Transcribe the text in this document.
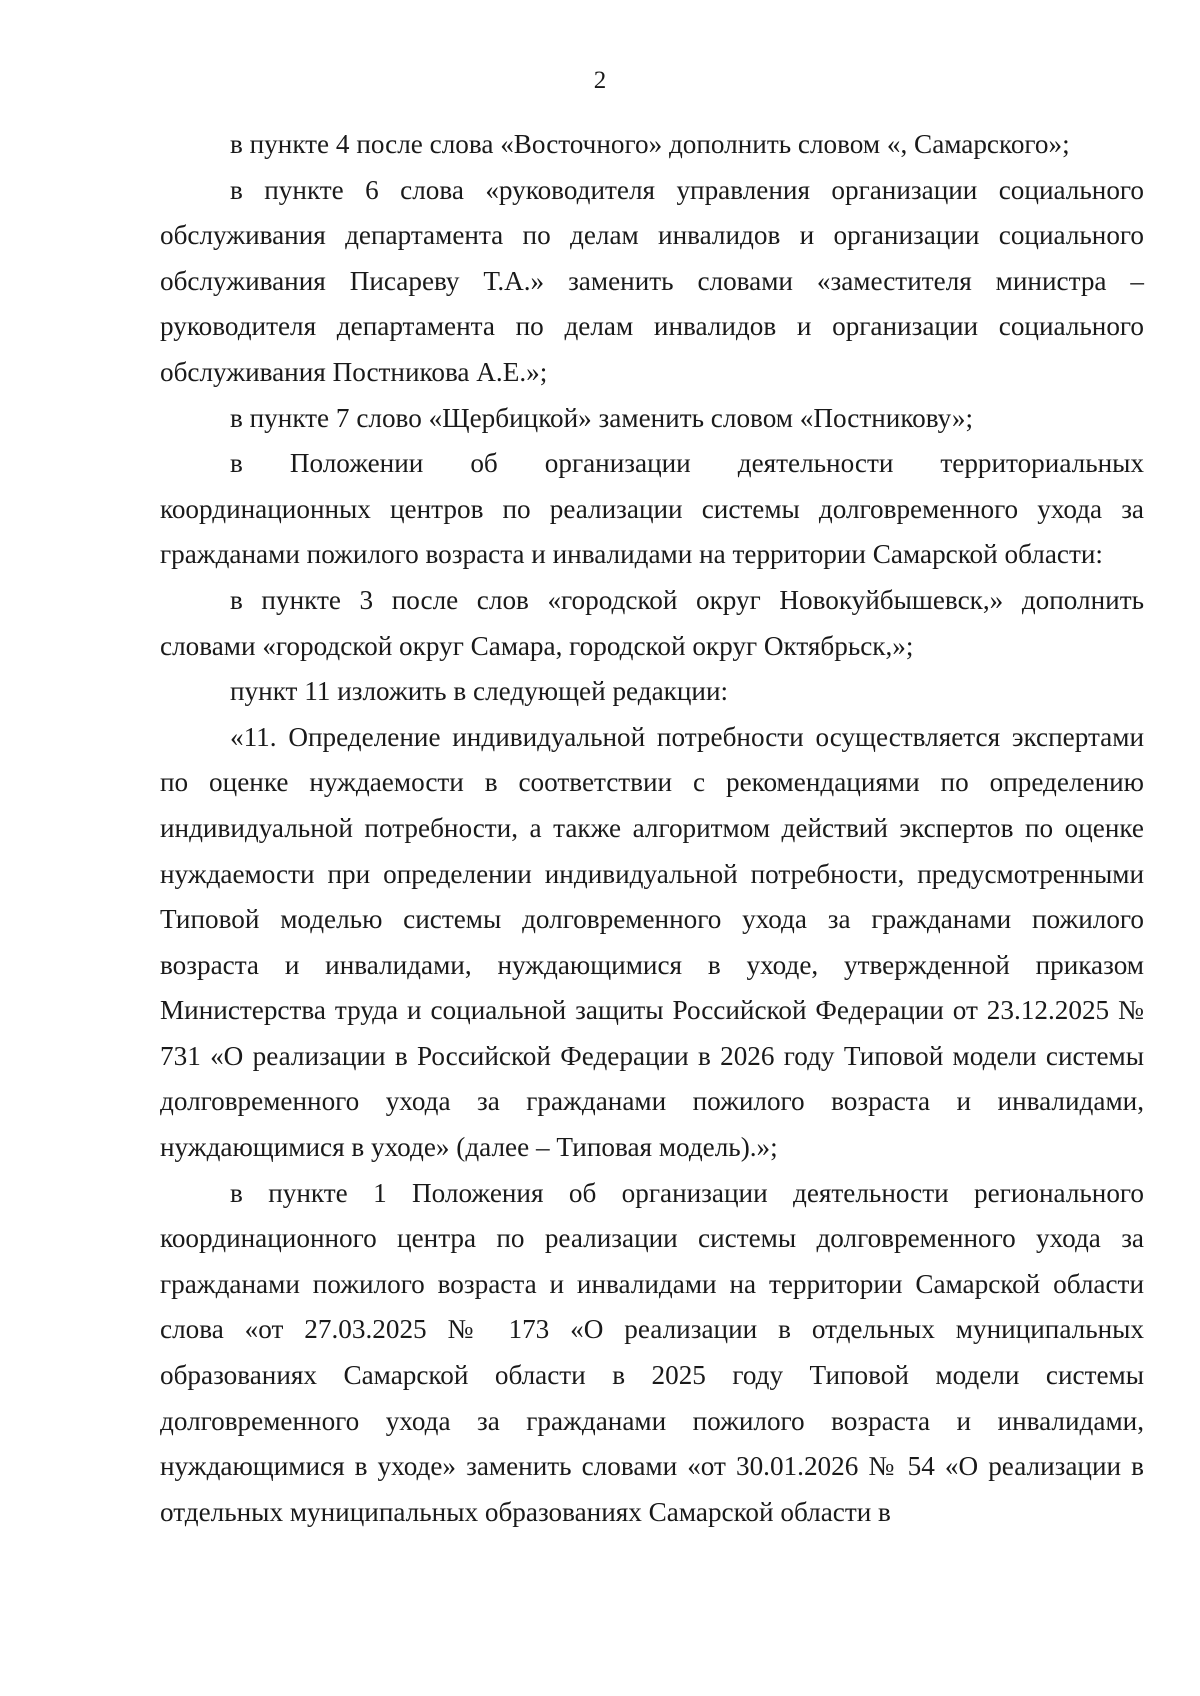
2

в пункте 4 после слова «Восточного» дополнить словом «, Самарского»;

в пункте 6 слова «руководителя управления организации социального обслуживания департамента по делам инвалидов и организации социального обслуживания Писареву Т.А.» заменить словами «заместителя министра – руководителя департамента по делам инвалидов и организации социального обслуживания Постникова А.Е.»;

в пункте 7 слово «Щербицкой» заменить словом «Постникову»;

в Положении об организации деятельности территориальных координационных центров по реализации системы долговременного ухода за гражданами пожилого возраста и инвалидами на территории Самарской области:

в пункте 3 после слов «городской округ Новокуйбышевск,» дополнить словами «городской округ Самара, городской округ Октябрьск,»;

пункт 11 изложить в следующей редакции:

«11. Определение индивидуальной потребности осуществляется экспертами по оценке нуждаемости в соответствии с рекомендациями по определению индивидуальной потребности, а также алгоритмом действий экспертов по оценке нуждаемости при определении индивидуальной потребности, предусмотренными Типовой моделью системы долговременного ухода за гражданами пожилого возраста и инвалидами, нуждающимися в уходе, утвержденной приказом Министерства труда и социальной защиты Российской Федерации от 23.12.2025 № 731 «О реализации в Российской Федерации в 2026 году Типовой модели системы долговременного ухода за гражданами пожилого возраста и инвалидами, нуждающимися в уходе» (далее – Типовая модель).»;

в пункте 1 Положения об организации деятельности регионального координационного центра по реализации системы долговременного ухода за гражданами пожилого возраста и инвалидами на территории Самарской области слова «от 27.03.2025 № 173 «О реализации в отдельных муниципальных образованиях Самарской области в 2025 году Типовой модели системы долговременного ухода за гражданами пожилого возраста и инвалидами, нуждающимися в уходе» заменить словами «от 30.01.2026 № 54 «О реализации в отдельных муниципальных образованиях Самарской области в
